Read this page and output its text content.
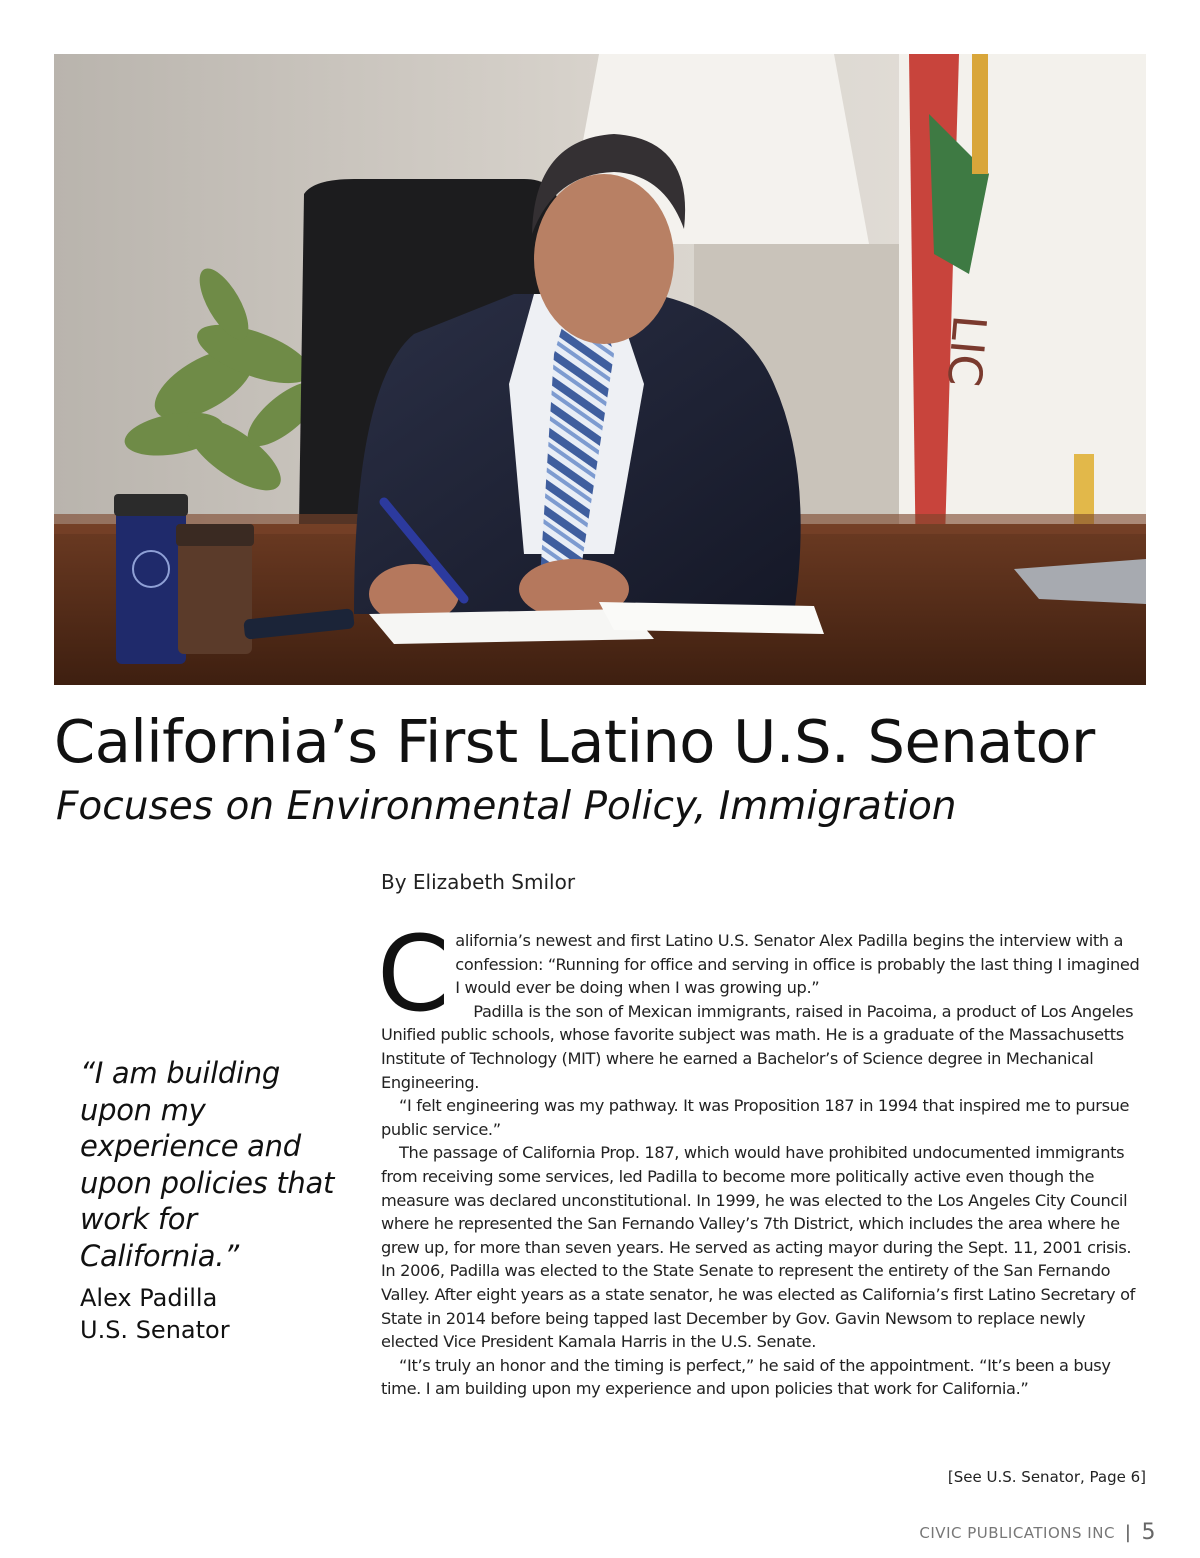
LIC
California’s First Latino U.S. Senator
Focuses on Environmental Policy, Immigration
By Elizabeth Smilor

California’s newest and first Latino U.S. Senator Alex Padilla begins the interview with a confession: “Running for office and serving in office is probably the last thing I imagined I would ever be doing when I was growing up.”

Padilla is the son of Mexican immigrants, raised in Pacoima, a product of Los Angeles Unified public schools, whose favorite subject was math. He is a graduate of the Massachusetts Institute of Technology (MIT) where he earned a Bachelor’s of Science degree in Mechanical Engineering.

“I felt engineering was my pathway. It was Proposition 187 in 1994 that inspired me to pursue public service.”

The passage of California Prop. 187, which would have prohibited undocumented immigrants from receiving some services, led Padilla to become more politically active even though the measure was declared unconstitutional. In 1999, he was elected to the Los Angeles City Council where he represented the San Fernando Valley’s 7th District, which includes the area where he grew up, for more than seven years. He served as acting mayor during the Sept. 11, 2001 crisis. In 2006, Padilla was elected to the State Senate to represent the entirety of the San Fernando Valley. After eight years as a state senator, he was elected as California’s first Latino Secretary of State in 2014 before being tapped last December by Gov. Gavin Newsom to replace newly elected Vice President Kamala Harris in the U.S. Senate.

“It’s truly an honor and the timing is perfect,” he said of the appointment. “It’s been a busy time. I am building upon my experience and upon policies that work for California.”

[See U.S. Senator, Page 6]

“I am building upon my experience and upon policies that work for California.”

Alex Padilla
U.S. Senator
CIVIC PUBLICATIONS INC | 5
